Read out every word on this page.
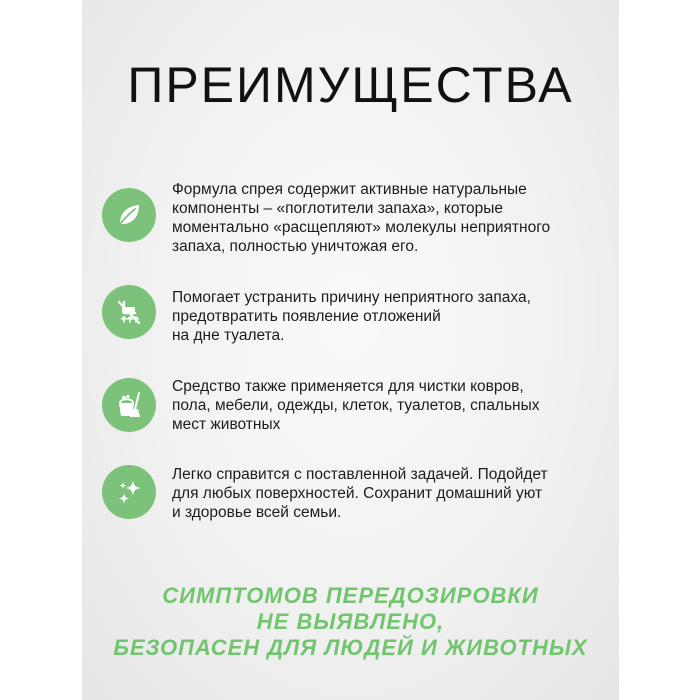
ПРЕИМУЩЕСТВА

Формула спрея содержит активные натуральные
компоненты – «поглотители запаха», которые
моментально «расщепляют» молекулы неприятного
запаха, полностью уничтожая его.

Помогает устранить причину неприятного запаха,
предотвратить появление отложений
на дне туалета.

Средство также применяется для чистки ковров,
пола, мебели, одежды, клеток, туалетов, спальных
мест животных

Легко справится с поставленной задачей. Подойдет
для любых поверхностей. Сохранит домашний уют
и здоровье всей семьи.

СИМПТОМОВ ПЕРЕДОЗИРОВКИ
НЕ ВЫЯВЛЕНО,
БЕЗОПАСЕН ДЛЯ ЛЮДЕЙ И ЖИВОТНЫХ
